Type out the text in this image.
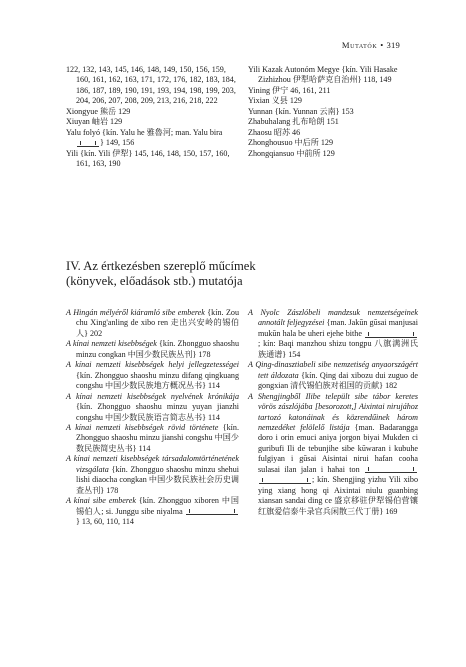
Mutatók • 319

122, 132, 143, 145, 146, 148, 149, 150, 156, 159, 160, 161, 162, 163, 171, 172, 176, 182, 183, 184, 186, 187, 189, 190, 191, 193, 194, 198, 199, 203, 204, 206, 207, 208, 209, 213, 216, 218, 222

Xiongyue 熊岳 129

Xiuyan 岫岩 129

Yalu folyó {kín. Yalu he 雅魯河; man. Yalu bira } 149, 156

Yili {kín. Yili 伊犁} 145, 146, 148, 150, 157, 160, 161, 163, 190

Yili Kazak Autonóm Megye {kín. Yili Hasake Zizhizhou 伊犁哈萨克自治州} 118, 149

Yining 伊宁 46, 161, 211

Yixian 义县 129

Yunnan {kín. Yunnan 云南} 153

Zhabuhalang 扎布哈朗 151

Zhaosu 昭苏 46

Zhonghousuo 中后所 129

Zhongqiansuo 中前所 129

IV. Az értkezésben szereplő műcímek
(könyvek, előadások stb.) mutatója

A Hingán mélyéről kiáramló sibe emberek {kín. Zou chu Xing'anling de xibo ren 走出兴安岭的锡伯人} 202

A kínai nemzeti kisebbségek {kín. Zhongguo shaoshu minzu congkan 中国少数民族丛刊} 178

A kínai nemzeti kisebbségek helyi jellegzetességei {kín. Zhongguo shaoshu minzu difang qingkuang congshu 中国少数民族地方概况丛书} 114

A kínai nemzeti kisebbségek nyelvének krónikája {kín. Zhongguo shaoshu minzu yuyan jianzhi congshu 中国少数民族语言简志丛书} 114

A kínai nemzeti kisebbségek rövid története {kín. Zhongguo shaoshu minzu jianshi congshu 中国少数民族简史丛书} 114

A kínai nemzeti kisebbségek társadalomtörténetének vizsgálata {kín. Zhongguo shaoshu minzu shehui lishi diaocha congkan 中国少数民族社会历史调查丛刊} 178

A kínai sibe emberek {kín. Zhongguo xiboren 中国锡伯人; si. Junggu sibe niyalma } 13, 60, 110, 114

A Nyolc Zászlóbeli mandzsuk nemzetségeinek annotált feljegyzései {man. Jakūn gūsai manjusai mukūn hala be uheri ejehe bithe ; kín: Baqi manzhou shizu tongpu 八旗满洲氏族通谱} 154

A Qing-dinasztiabeli sibe nemzetiség anyaországért tett áldozata {kín. Qing dai xibozu dui zuguo de gongxian 清代锡伯族对祖国的贡献} 182

A Shengjingből Ilibe települt sibe tábor keretes vörös zászlójába [besorozott,] Aixintai nirujához tartozó katonáinak és közrendűinek három nemzedéket felölelő listája {man. Badarangga doro i orin emuci aniya jorgon biyai Mukden ci guribufi Ili de tebunjihe sibe kūwaran i kubuhe fulgiyan i gūsai Aisintai nirui hafan cooha sulasai ilan jalan i hahai ton ; kín. Shengjing yizhu Yili xibo ying xiang hong qi Aixintai niulu guanbing xiansan sandai ding ce 盛京移驻伊犁锡伯营镶红旗爱信泰牛录官兵闲散三代丁册} 169
